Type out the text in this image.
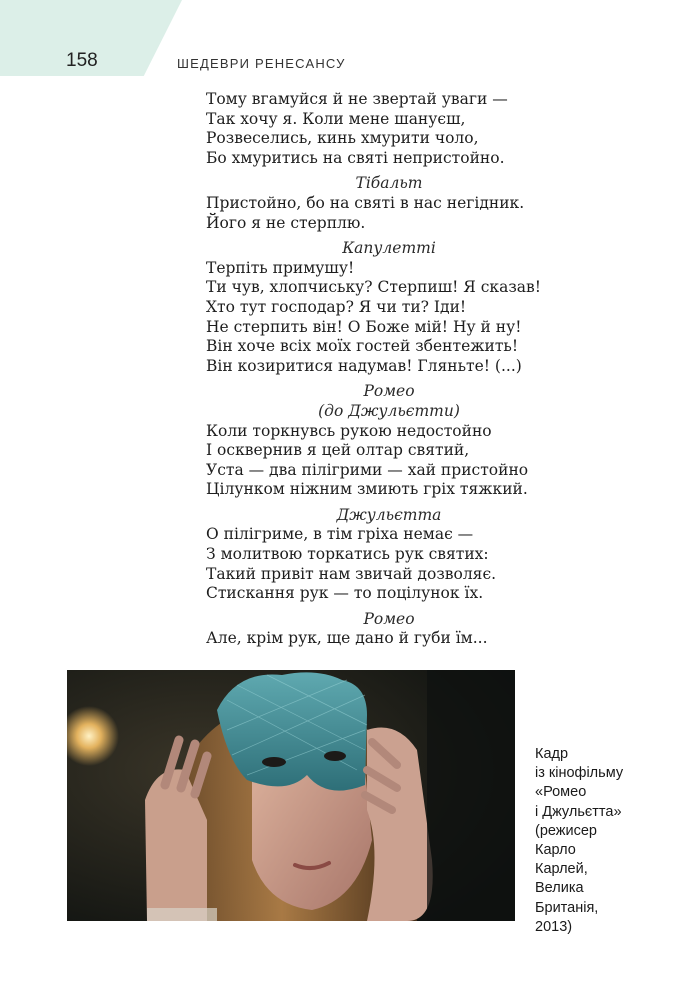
158	ШЕДЕВРИ РЕНЕСАНСУ
Тому вгамуйся й не звертай уваги —
Так хочу я. Коли мене шануєш,
Розвеселись, кинь хмурити чоло,
Бо хмуритись на святі непристойно.
Тібальт
Пристойно, бо на святі в нас негідник.
Його я не стерплю.
Капулетті
Терпіть примушу!
Ти чув, хлопчиську? Стерпиш! Я сказав!
Хто тут господар? Я чи ти? Іди!
Не стерпить він! О Боже мій! Ну й ну!
Він хоче всіх моїх гостей збентежить!
Він козиритися надумав! Гляньте! (...)
Ромео
(до Джульєтти)
Коли торкнувсь рукою недостойно
І осквернив я цей олтар святий,
Уста — два пілігрими — хай пристойно
Цілунком ніжним змиють гріх тяжкий.
Джульєтта
О пілігриме, в тім гріха немає —
З молитвою торкатись рук святих:
Такий привіт нам звичай дозволяє.
Стискання рук — то поцілунок їх.
Ромео
Але, крім рук, ще дано й губи їм...
Кадр
із кінофільму
«Ромео
і Джульєтта»
(режисер
Карло
Карлей,
Велика
Британія,
2013)
